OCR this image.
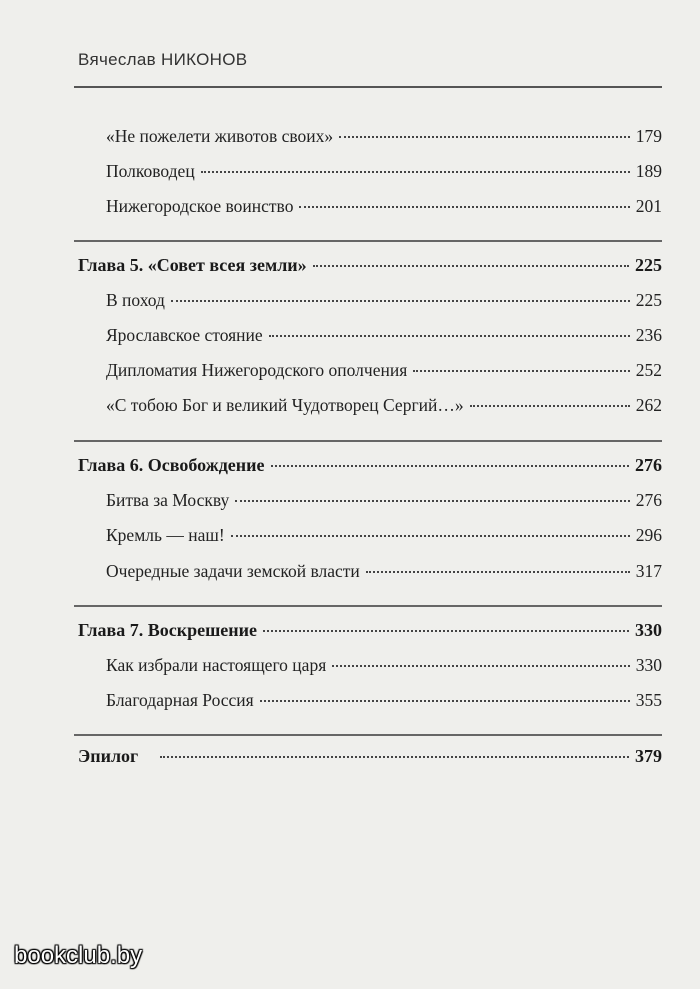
Вячеслав НИКОНОВ
«Не пожелети животов своих»	179
Полководец	189
Нижегородское воинство	201
Глава 5. «Совет всея земли»	225
В поход	225
Ярославское стояние	236
Дипломатия Нижегородского ополчения	252
«С тобою Бог и великий Чудотворец Сергий…»	262
Глава 6. Освобождение	276
Битва за Москву	276
Кремль — наш!	296
Очередные задачи земской власти	317
Глава 7. Воскрешение	330
Как избрали настоящего царя	330
Благодарная Россия	355
Эпилог	379
bookclub.by
